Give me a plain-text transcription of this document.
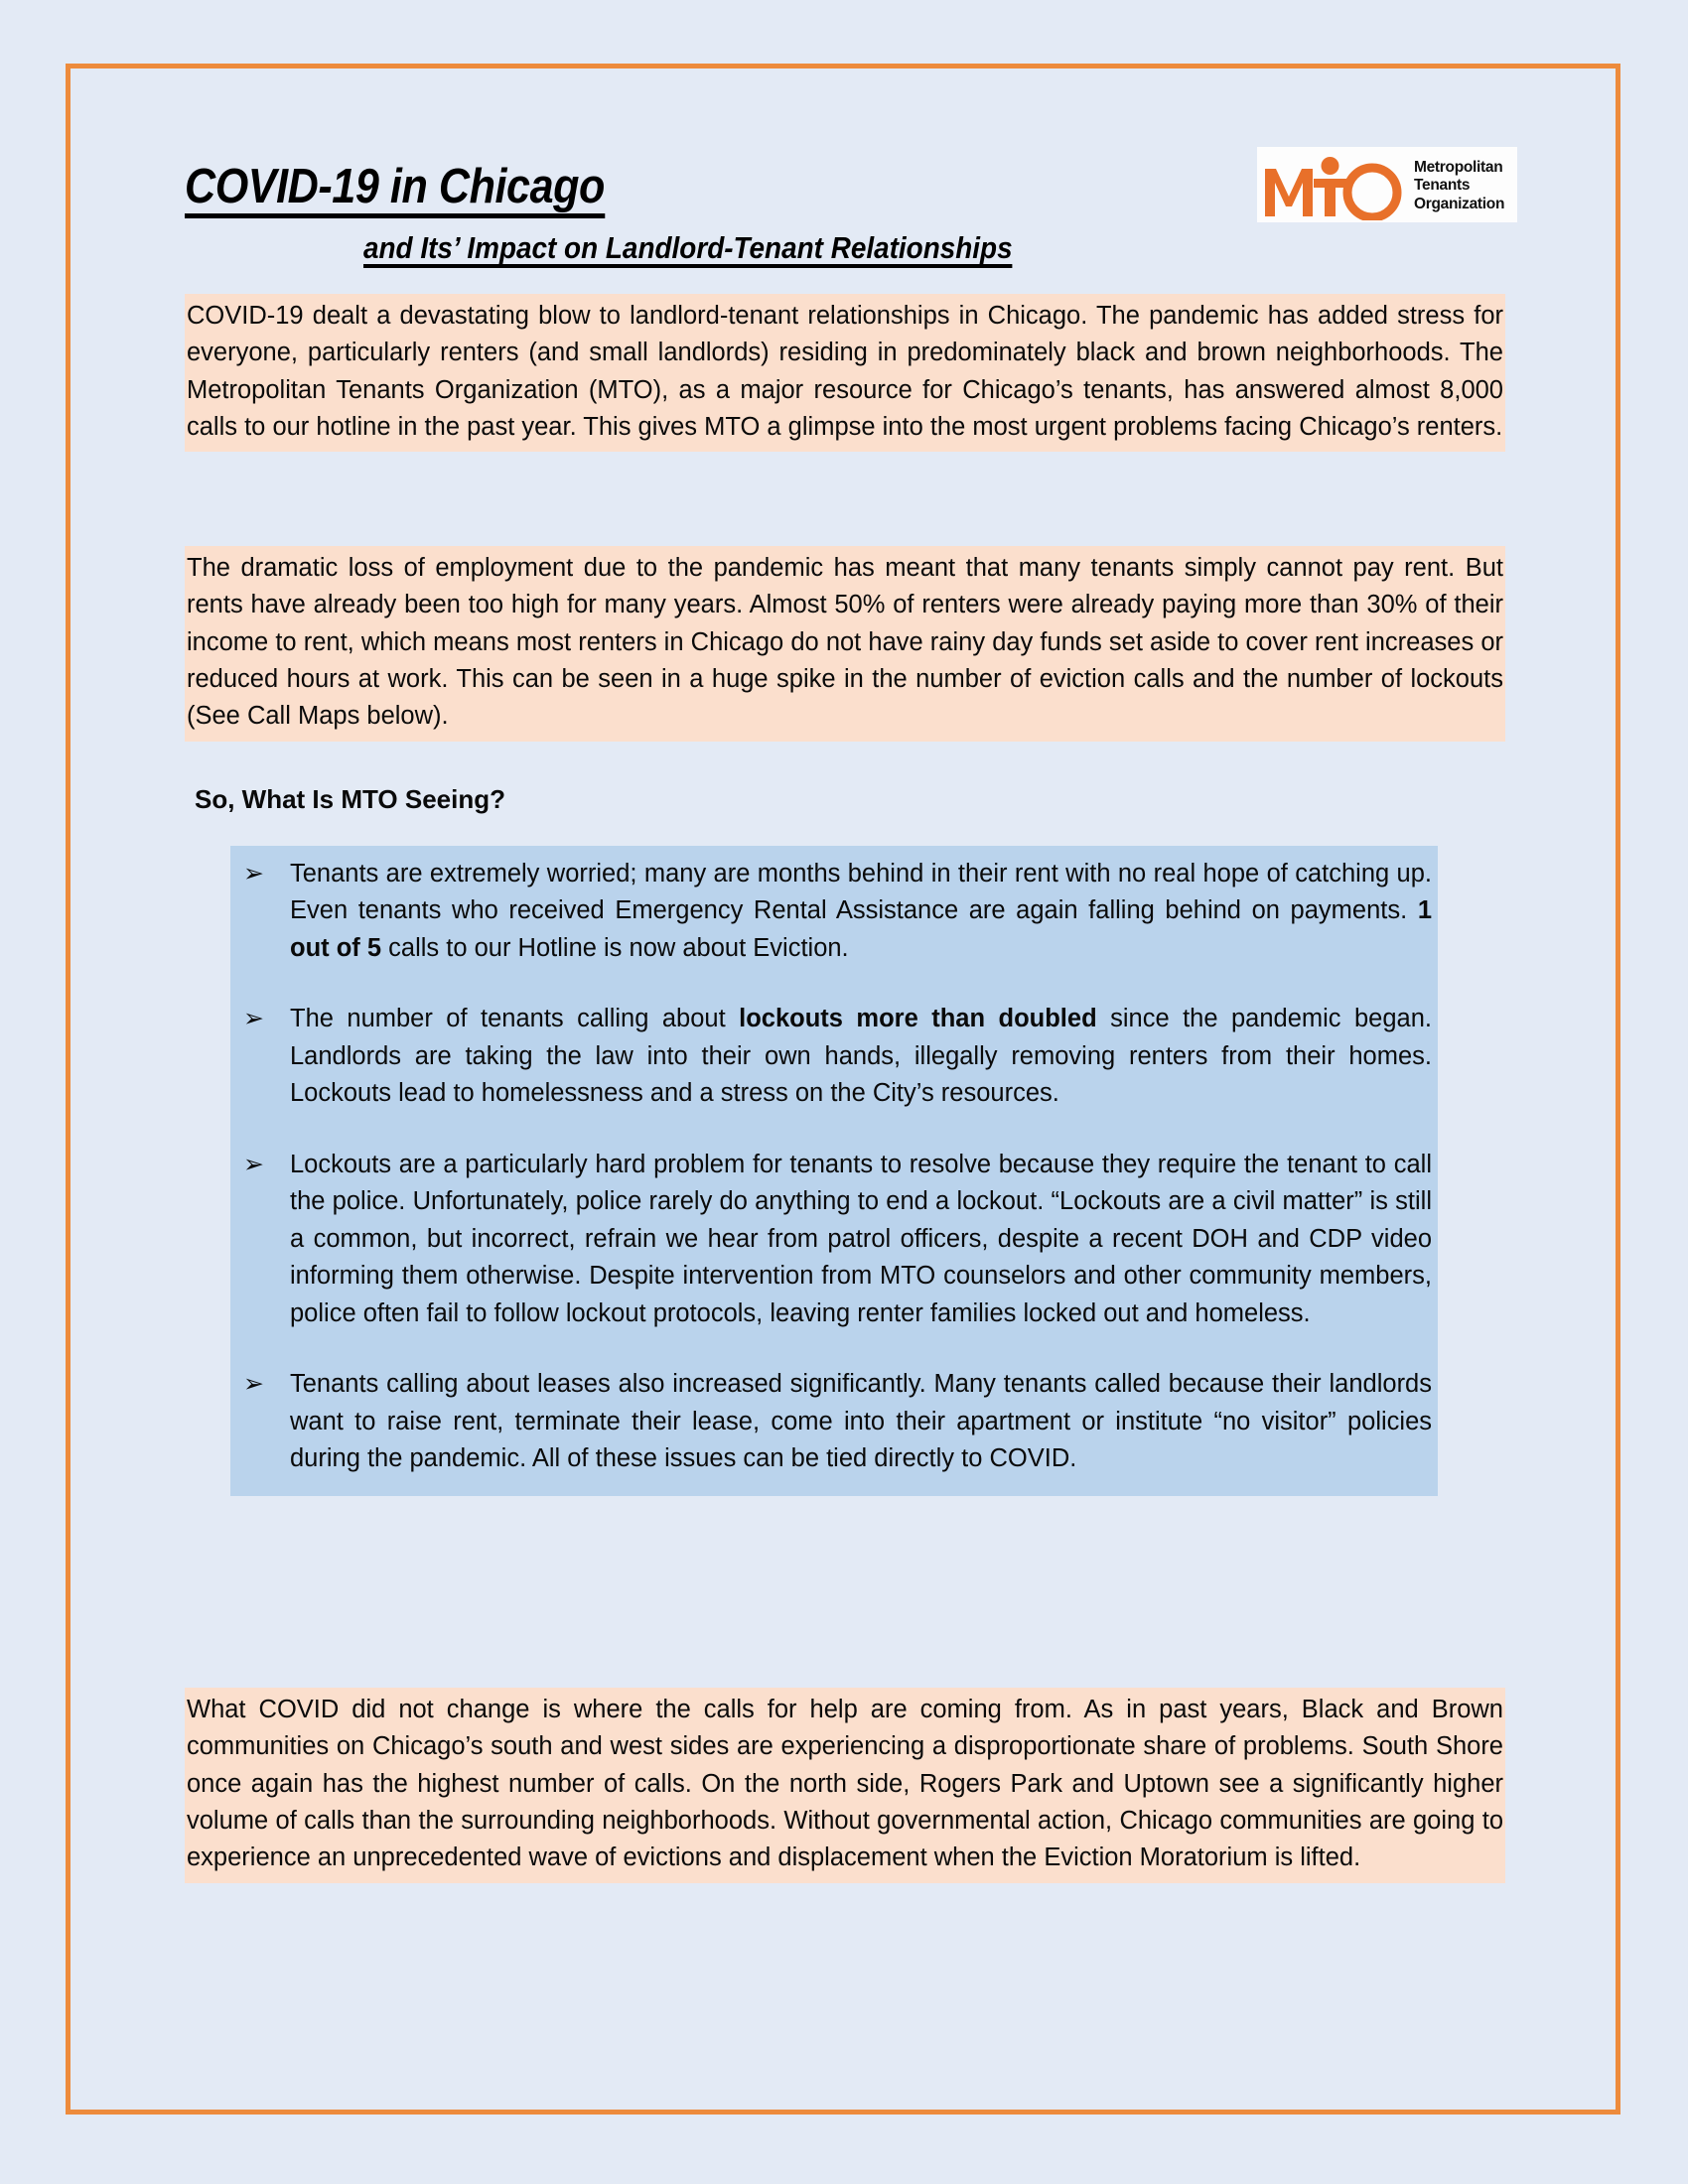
COVID-19 in Chicago
and Its’ Impact on Landlord-Tenant Relationships
Metropolitan
Tenants
Organization
COVID-19 dealt a devastating blow to landlord-tenant relationships in Chicago. The pandemic has added stress for everyone, particularly renters (and small landlords) residing in predominately black and brown neighborhoods. The Metropolitan Tenants Organization (MTO), as a major resource for Chicago’s tenants, has answered almost 8,000 calls to our hotline in the past year. This gives MTO a glimpse into the most urgent problems facing Chicago’s renters.
The dramatic loss of employment due to the pandemic has meant that many tenants simply cannot pay rent. But rents have already been too high for many years. Almost 50% of renters were already paying more than 30% of their income to rent, which means most renters in Chicago do not have rainy day funds set aside to cover rent increases or reduced hours at work. This can be seen in a huge spike in the number of eviction calls and the number of lockouts (See Call Maps below).
So, What Is MTO Seeing?
➢ Tenants are extremely worried; many are months behind in their rent with no real hope of catching up. Even tenants who received Emergency Rental Assistance are again falling behind on payments. 1 out of 5 calls to our Hotline is now about Eviction.
➢ The number of tenants calling about lockouts more than doubled since the pandemic began. Landlords are taking the law into their own hands, illegally removing renters from their homes. Lockouts lead to homelessness and a stress on the City’s resources.
➢ Lockouts are a particularly hard problem for tenants to resolve because they require the tenant to call the police. Unfortunately, police rarely do anything to end a lockout. “Lockouts are a civil matter” is still a common, but incorrect, refrain we hear from patrol officers, despite a recent DOH and CDP video informing them otherwise. Despite intervention from MTO counselors and other community members, police often fail to follow lockout protocols, leaving renter families locked out and homeless.
➢ Tenants calling about leases also increased significantly. Many tenants called because their landlords want to raise rent, terminate their lease, come into their apartment or institute “no visitor” policies during the pandemic. All of these issues can be tied directly to COVID.
What COVID did not change is where the calls for help are coming from. As in past years, Black and Brown communities on Chicago’s south and west sides are experiencing a disproportionate share of problems. South Shore once again has the highest number of calls. On the north side, Rogers Park and Uptown see a significantly higher volume of calls than the surrounding neighborhoods. Without governmental action, Chicago communities are going to experience an unprecedented wave of evictions and displacement when the Eviction Moratorium is lifted.
